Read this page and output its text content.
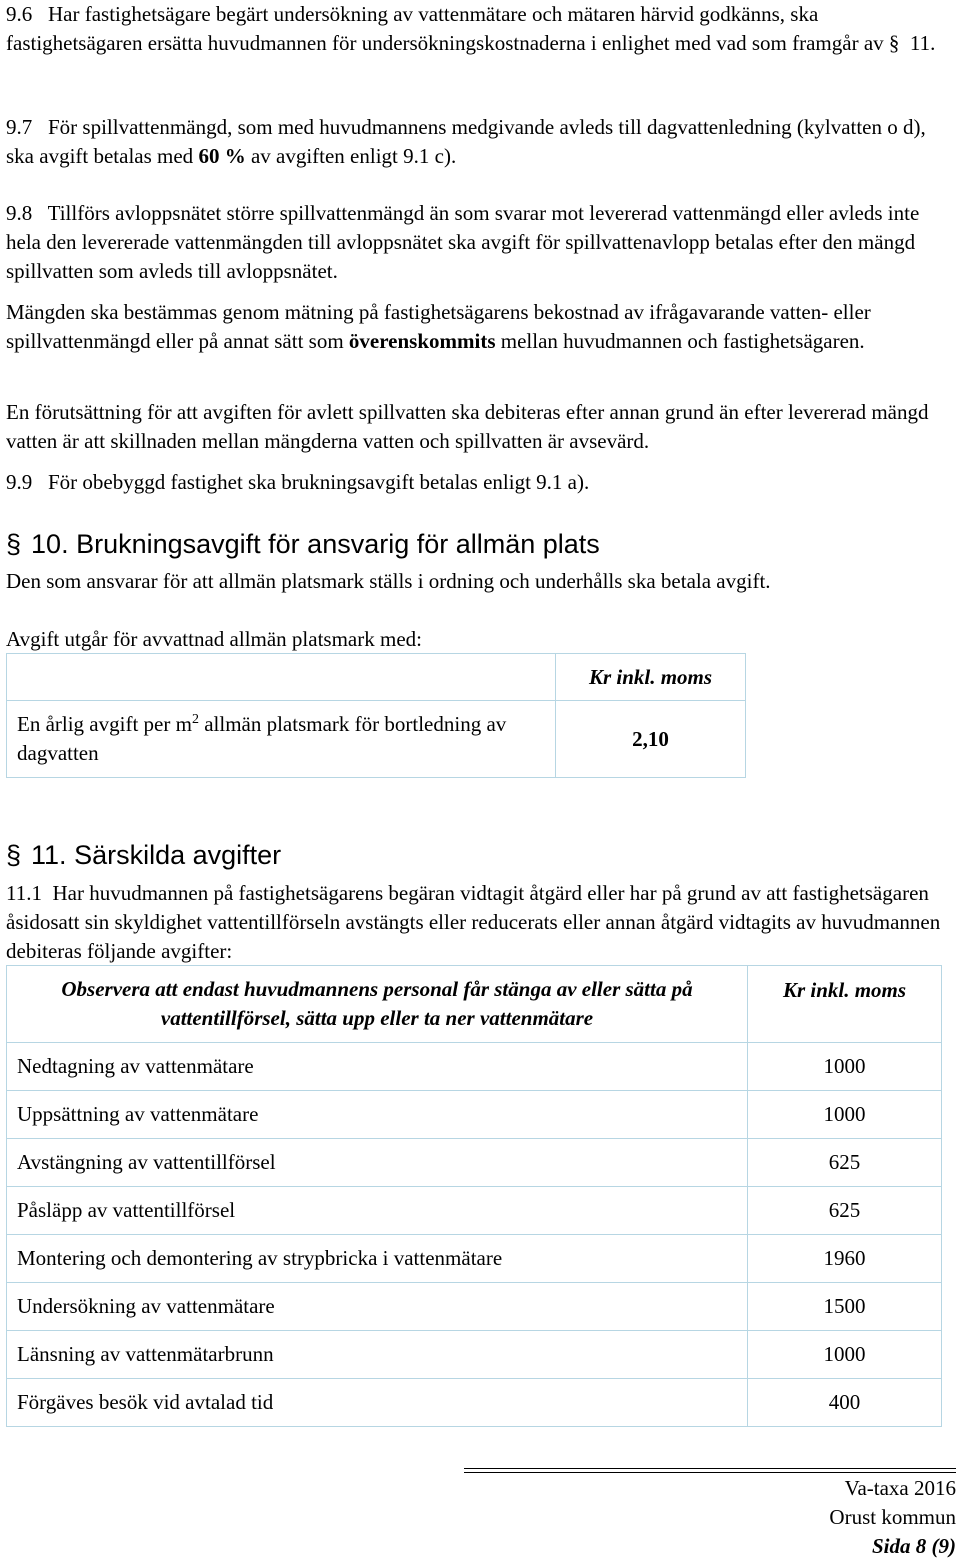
9.6 Har fastighetsägare begärt undersökning av vattenmätare och mätaren härvid godkänns, ska fastighetsägaren ersätta huvudmannen för undersökningskostnaderna i enlighet med vad som framgår av § 11.

9.7 För spillvattenmängd, som med huvudmannens medgivande avleds till dagvattenledning (kylvatten o d), ska avgift betalas med 60 % av avgiften enligt 9.1 c).

9.8 Tillförs avloppsnätet större spillvattenmängd än som svarar mot levererad vattenmängd eller avleds inte hela den levererade vattenmängden till avloppsnätet ska avgift för spillvattenavlopp betalas efter den mängd spillvatten som avleds till avloppsnätet.

Mängden ska bestämmas genom mätning på fastighetsägarens bekostnad av ifrågavarande vatten- eller spillvattenmängd eller på annat sätt som överenskommits mellan huvudmannen och fastighetsägaren.

En förutsättning för att avgiften för avlett spillvatten ska debiteras efter annan grund än efter levererad mängd vatten är att skillnaden mellan mängderna vatten och spillvatten är avsevärd.

9.9 För obebyggd fastighet ska brukningsavgift betalas enligt 9.1 a).

§ 10. Brukningsavgift för ansvarig för allmän plats

Den som ansvarar för att allmän platsmark ställs i ordning och underhålls ska betala avgift.

Avgift utgår för avvattnad allmän platsmark med:

	Kr inkl. moms
En årlig avgift per $m^2$ allmän platsmark för bortledning av dagvatten	2,10
§ 11. Särskilda avgifter

11.1 Har huvudmannen på fastighetsägarens begäran vidtagit åtgärd eller har på grund av att fastighetsägaren åsidosatt sin skyldighet vattentillförseln avstängts eller reducerats eller annan åtgärd vidtagits av huvudmannen debiteras följande avgifter:

Observera att endast huvudmannens personal får stänga av eller sätta på vattentillförsel, sätta upp eller ta ner vattenmätare	Kr inkl. moms
Nedtagning av vattenmätare	1000
Uppsättning av vattenmätare	1000
Avstängning av vattentillförsel	625
Påsläpp av vattentillförsel	625
Montering och demontering av strypbricka i vattenmätare	1960
Undersökning av vattenmätare	1500
Länsning av vattenmätarbrunn	1000
Förgäves besök vid avtalad tid	400
Va-taxa 2016
Orust kommun
Sida 8 (9)
